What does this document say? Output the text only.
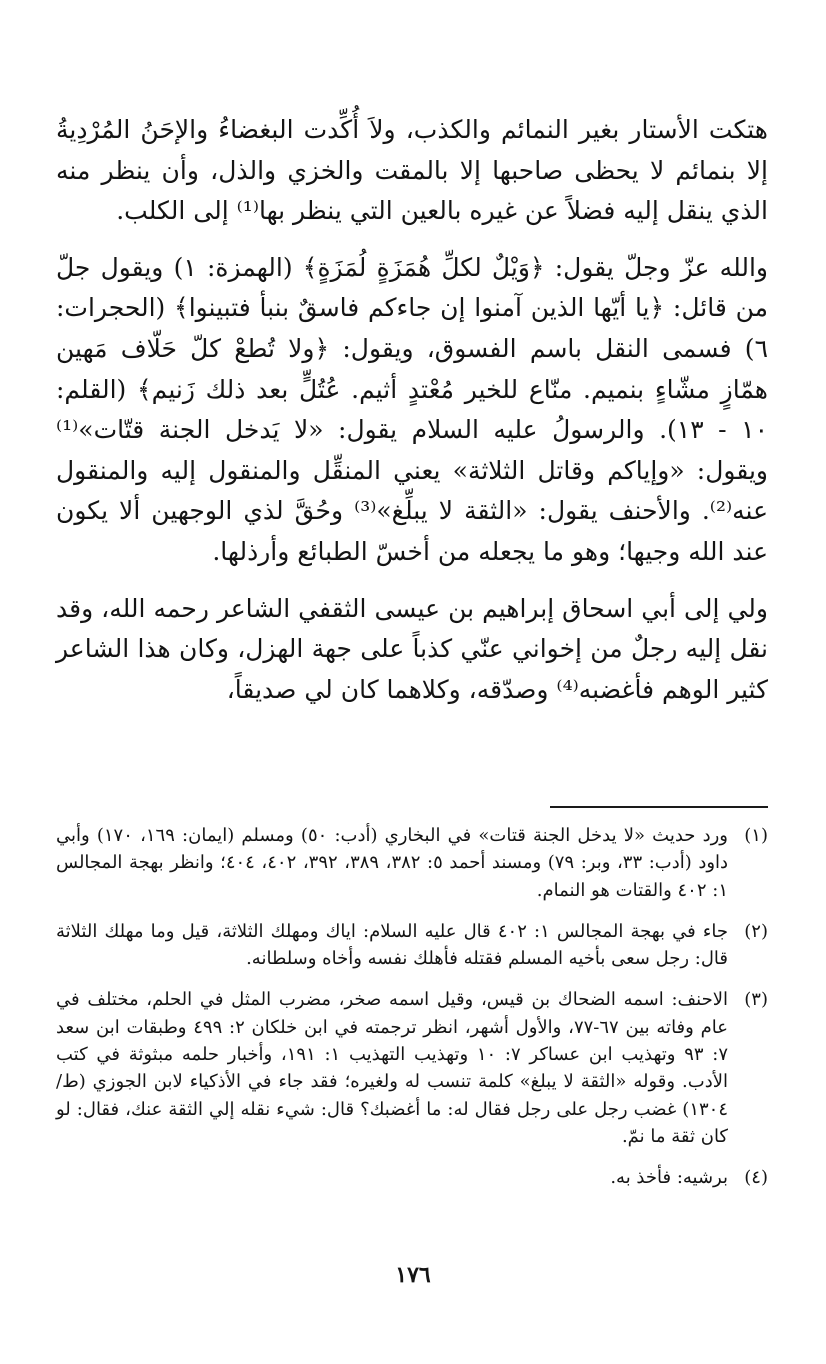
هتكت الأستار بغير النمائم والكذب، ولاَ أُكِّدت البغضاءُ والإحَنُ المُرْدِيةُ إلا بنمائم لا يحظى صاحبها إلا بالمقت والخزي والذل، وأن ينظر منه الذي ينقل إليه فضلاً عن غيره بالعين التي ينظر بها⁽¹⁾ إلى الكلب.

والله عزّ وجلّ يقول: ﴿وَيْلٌ لكلِّ هُمَزَةٍ لُمَزَةٍ﴾ (الهمزة: ١) ويقول جلّ من قائل: ﴿يا أيّها الذين آمنوا إن جاءكم فاسقٌ بنبأ فتبينوا﴾ (الحجرات: ٦) فسمى النقل باسم الفسوق، ويقول: ﴿ولا تُطعْ كلّ حَلّاف مَهين همّازٍ مشّاءٍ بنميم. منّاع للخير مُعْتدٍ أثيم. عُتُلٍّ بعد ذلك زَنيم﴾ (القلم: ١٠ - ١٣). والرسولُ عليه السلام يقول: «لا يَدخل الجنة قتّات»⁽¹⁾ ويقول: «وإياكم وقاتل الثلاثة» يعني المنقِّل والمنقول إليه والمنقول عنه⁽²⁾. والأحنف يقول: «الثقة لا يبلِّغ»⁽³⁾ وحُقَّ لذي الوجهين ألا يكون عند الله وجيها؛ وهو ما يجعله من أخسّ الطبائع وأرذلها.

ولي إلى أبي اسحاق إبراهيم بن عيسى الثقفي الشاعر رحمه الله، وقد نقل إليه رجلٌ من إخواني عنّي كذباً على جهة الهزل، وكان هذا الشاعر كثير الوهم فأغضبه⁽⁴⁾ وصدّقه، وكلاهما كان لي صديقاً،

(١)
ورد حديث «لا يدخل الجنة قتات» في البخاري (أدب: ٥٠) ومسلم (ايمان: ١٦٩، ١٧٠) وأبي داود (أدب: ٣٣، وبر: ٧٩) ومسند أحمد ٥: ٣٨٢، ٣٨٩، ٣٩٢، ٤٠٢، ٤٠٤؛ وانظر بهجة المجالس ١: ٤٠٢ والقتات هو النمام.
(٢)
جاء في بهجة المجالس ١: ٤٠٢ قال عليه السلام: اياك ومهلك الثلاثة، قيل وما مهلك الثلاثة قال: رجل سعى بأخيه المسلم فقتله فأهلك نفسه وأخاه وسلطانه.
(٣)
الاحنف: اسمه الضحاك بن قيس، وقيل اسمه صخر، مضرب المثل في الحلم، مختلف في عام وفاته بين ٦٧-٧٧، والأول أشهر، انظر ترجمته في ابن خلكان ٢: ٤٩٩ وطبقات ابن سعد ٧: ٩٣ وتهذيب ابن عساكر ٧: ١٠ وتهذيب التهذيب ١: ١٩١، وأخبار حلمه مبثوثة في كتب الأدب. وقوله «الثقة لا يبلغ» كلمة تنسب له ولغيره؛ فقد جاء في الأذكياء لابن الجوزي (ط/١٣٠٤) غضب رجل على رجل فقال له: ما أغضبك؟ قال: شيء نقله إلي الثقة عنك، فقال: لو كان ثقة ما نمّ.
(٤)
برشيه: فأخذ به.
١٧٦
